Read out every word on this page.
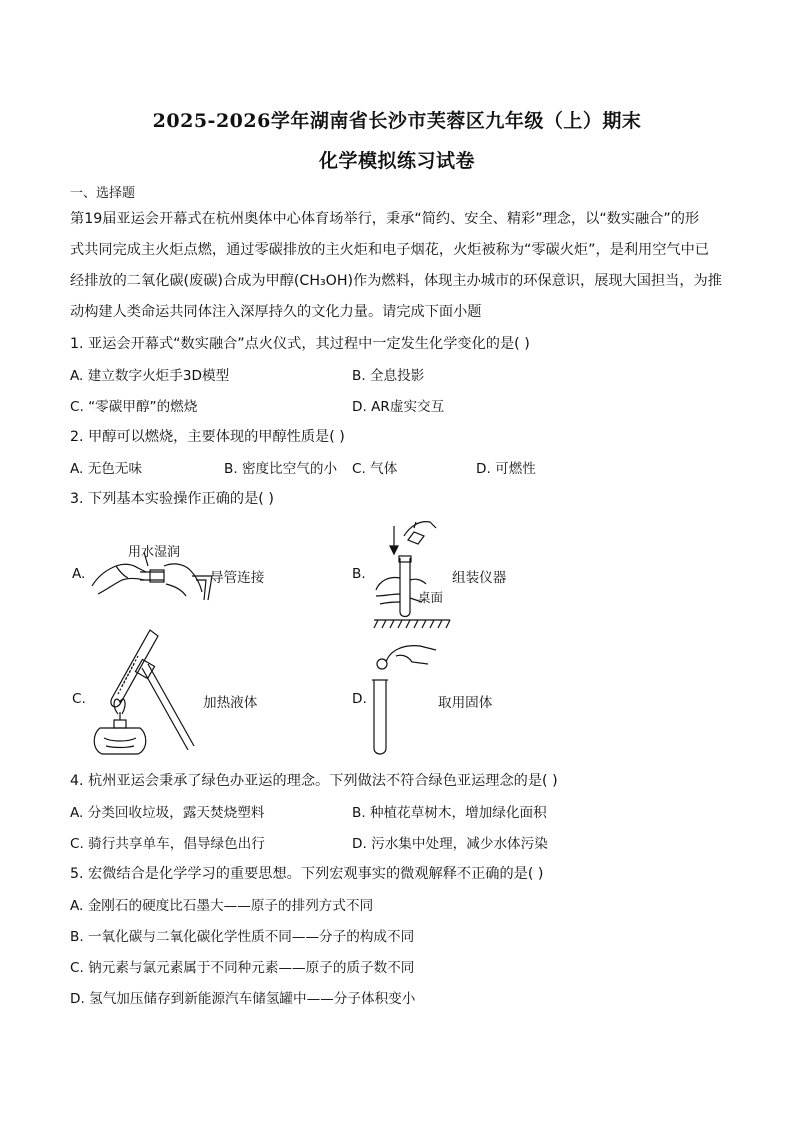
2025-2026学年湖南省长沙市芙蓉区九年级（上）期末
化学模拟练习试卷
一、选择题
第19届亚运会开幕式在杭州奥体中心体育场举行，秉承“简约、安全、精彩”理念，以“数实融合”的形
式共同完成主火炬点燃，通过零碳排放的主火炬和电子烟花，火炬被称为“零碳火炬”，是利用空气中已
经排放的二氧化碳(废碳)合成为甲醇(CH₃OH)作为燃料，体现主办城市的环保意识，展现大国担当，为推
动构建人类命运共同体注入深厚持久的文化力量。请完成下面小题
1. 亚运会开幕式“数实融合”点火仪式，其过程中一定发生化学变化的是( )
A. 建立数字火炬手3D模型	B. 全息投影
C. “零碳甲醇”的燃烧	D. AR虚实交互
2. 甲醇可以燃烧，主要体现的甲醇性质是( )
A. 无色无味	B. 密度比空气的小 C. 气体	D. 可燃性
3. 下列基本实验操作正确的是( )
A.
用水湿润
导管连接	B.
桌面
组装仪器
C.	加热液体	D.	取用固体
4. 杭州亚运会秉承了绿色办亚运的理念。下列做法不符合绿色亚运理念的是( )
A. 分类回收垃圾，露天焚烧塑料	B. 种植花草树木，增加绿化面积
C. 骑行共享单车，倡导绿色出行	D. 污水集中处理，减少水体污染
5. 宏微结合是化学学习的重要思想。下列宏观事实的微观解释不正确的是( )
A. 金刚石的硬度比石墨大——原子的排列方式不同
B. 一氧化碳与二氧化碳化学性质不同——分子的构成不同
C. 钠元素与氯元素属于不同种元素——原子的质子数不同
D. 氢气加压储存到新能源汽车储氢罐中——分子体积变小
